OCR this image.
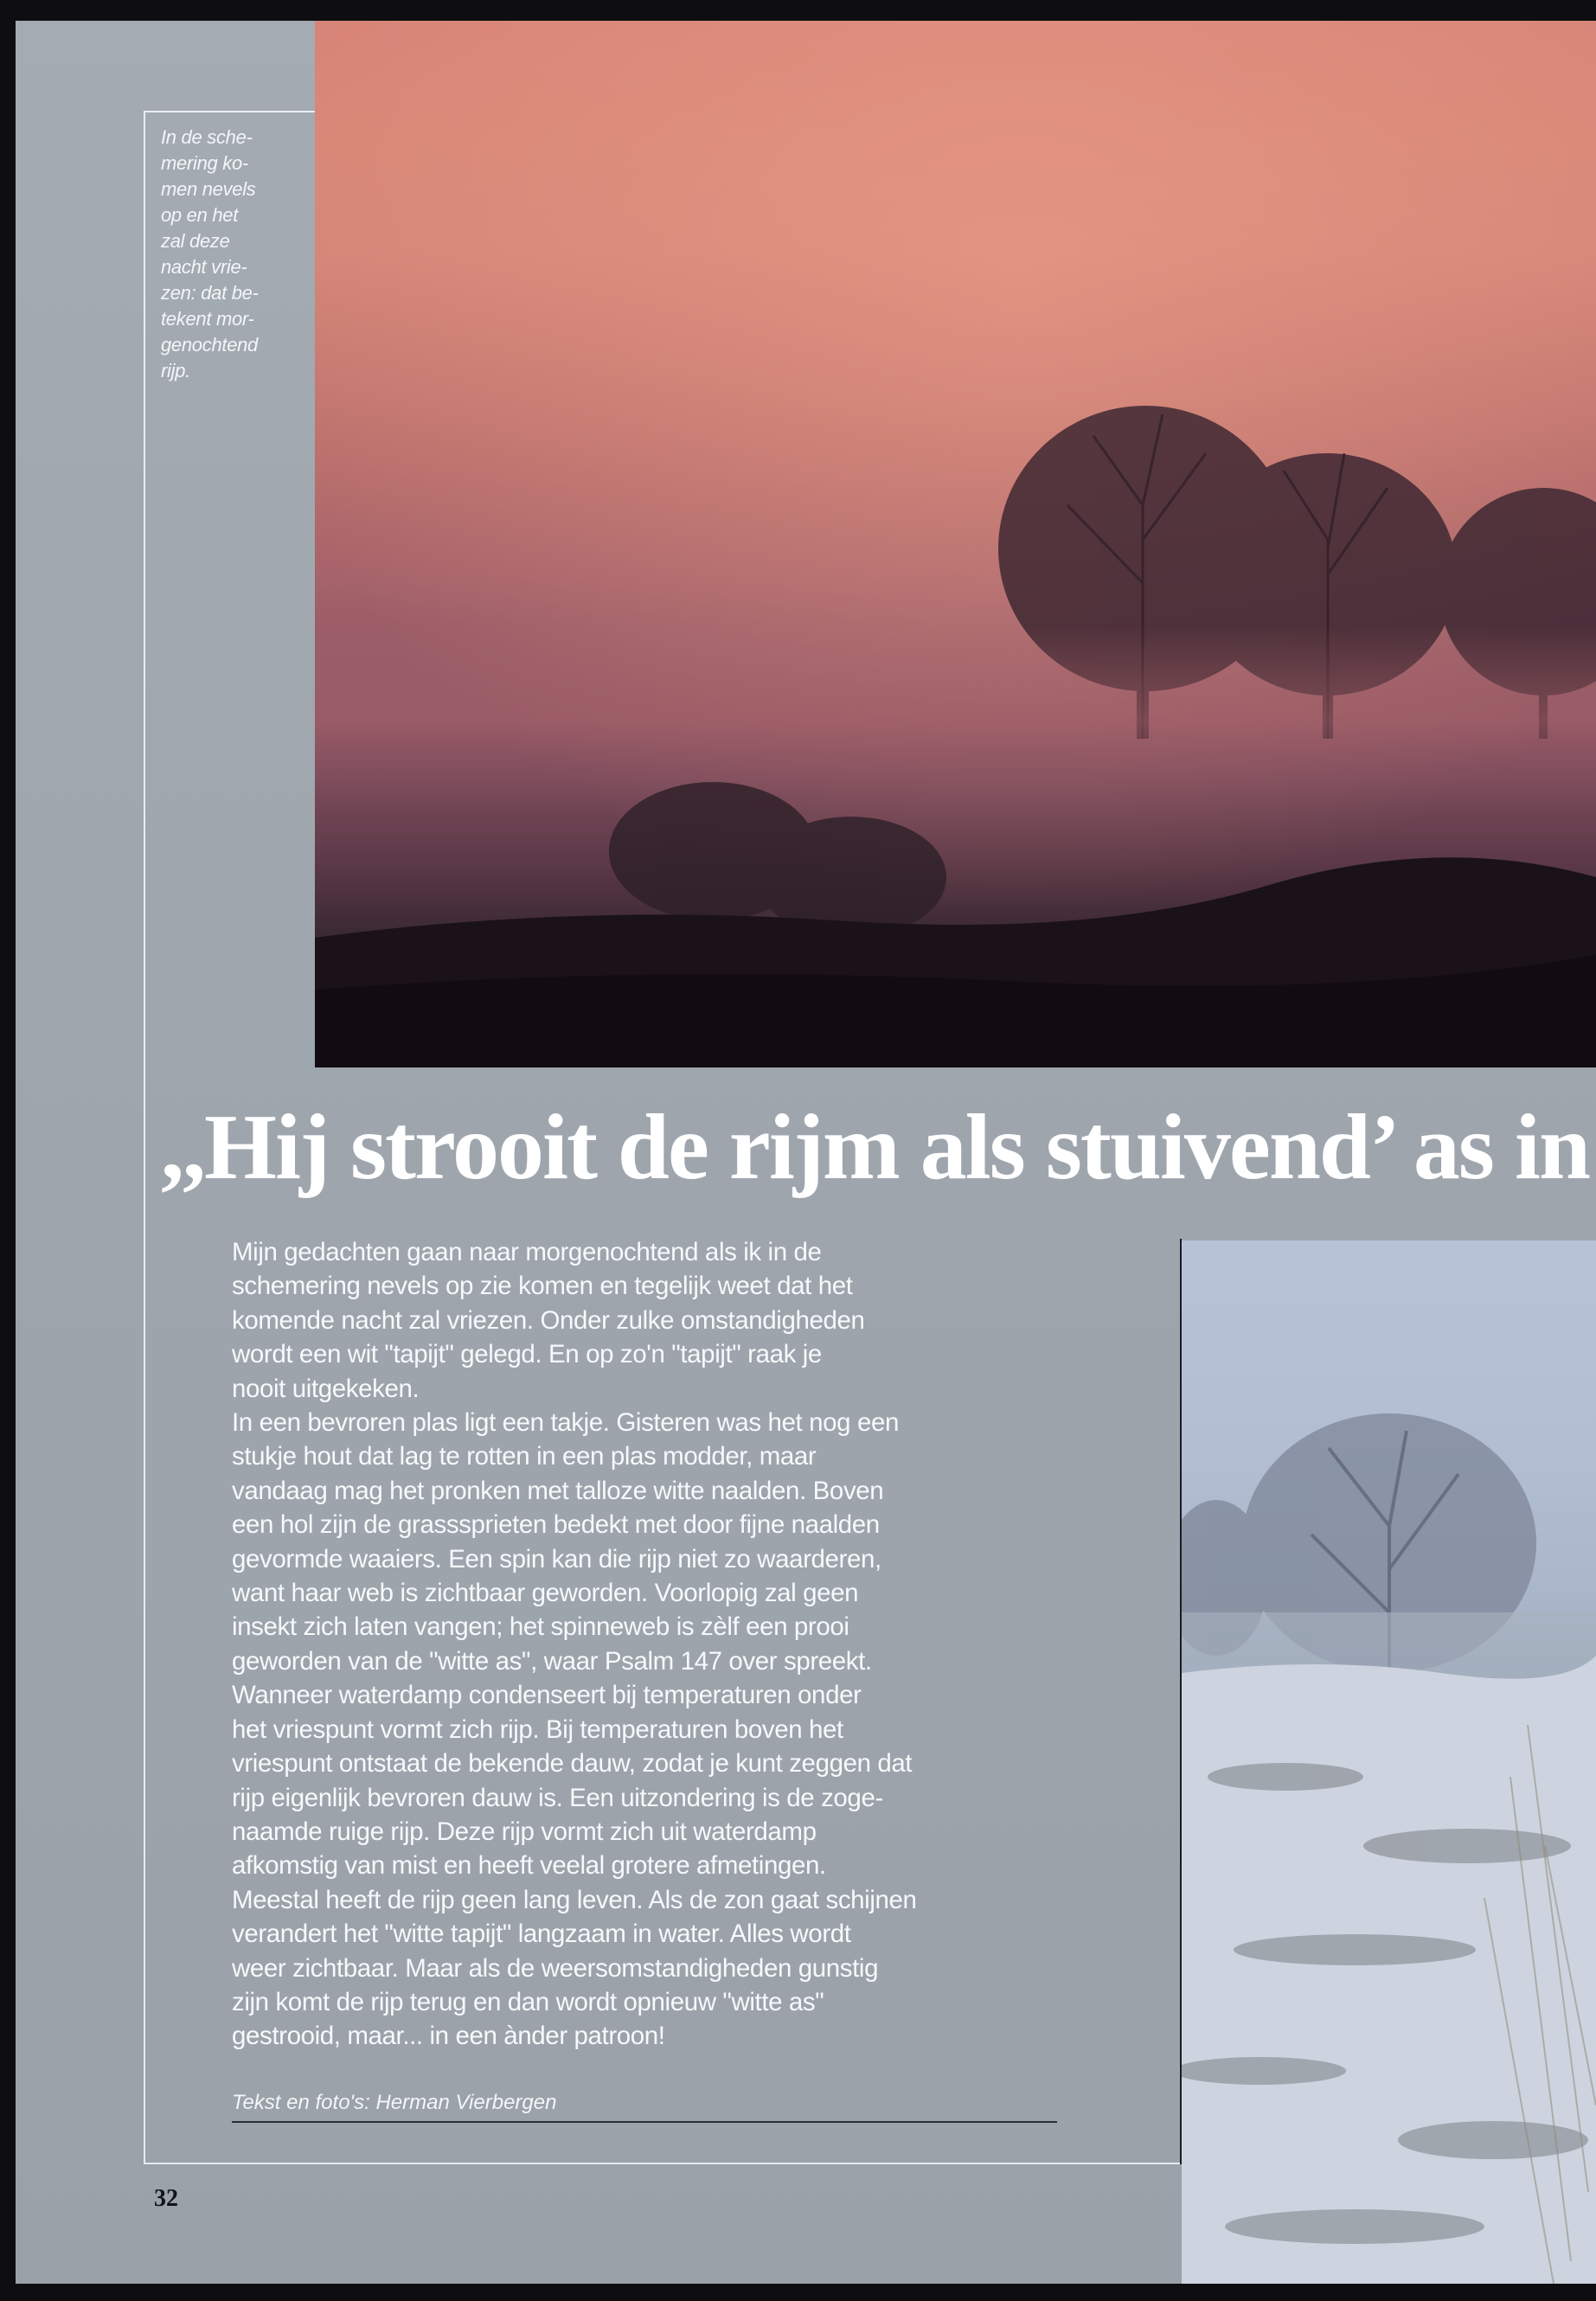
In de sche-
mering ko-
men nevels
op en het
zal deze
nacht vrie-
zen: dat be-
tekent mor-
genochtend
rijp.
,,Hij strooit de rijm als stuivend’ as in

Mijn gedachten gaan naar morgenochtend als ik in de

schemering nevels op zie komen en tegelijk weet dat het

komende nacht zal vriezen. Onder zulke omstandigheden

wordt een wit "tapijt" gelegd. En op zo'n "tapijt" raak je

nooit uitgekeken.

In een bevroren plas ligt een takje. Gisteren was het nog een

stukje hout dat lag te rotten in een plas modder, maar

vandaag mag het pronken met talloze witte naalden. Boven

een hol zijn de grasssprieten bedekt met door fijne naalden

gevormde waaiers. Een spin kan die rijp niet zo waarderen,

want haar web is zichtbaar geworden. Voorlopig zal geen

insekt zich laten vangen; het spinneweb is zèlf een prooi

geworden van de "witte as", waar Psalm 147 over spreekt.

Wanneer waterdamp condenseert bij temperaturen onder

het vriespunt vormt zich rijp. Bij temperaturen boven het

vriespunt ontstaat de bekende dauw, zodat je kunt zeggen dat

rijp eigenlijk bevroren dauw is. Een uitzondering is de zoge-

naamde ruige rijp. Deze rijp vormt zich uit waterdamp

afkomstig van mist en heeft veelal grotere afmetingen.

Meestal heeft de rijp geen lang leven. Als de zon gaat schijnen

verandert het "witte tapijt" langzaam in water. Alles wordt

weer zichtbaar. Maar als de weersomstandigheden gunstig

zijn komt de rijp terug en dan wordt opnieuw "witte as"

gestrooid, maar... in een ànder patroon!

Tekst en foto's: Herman Vierbergen
32
